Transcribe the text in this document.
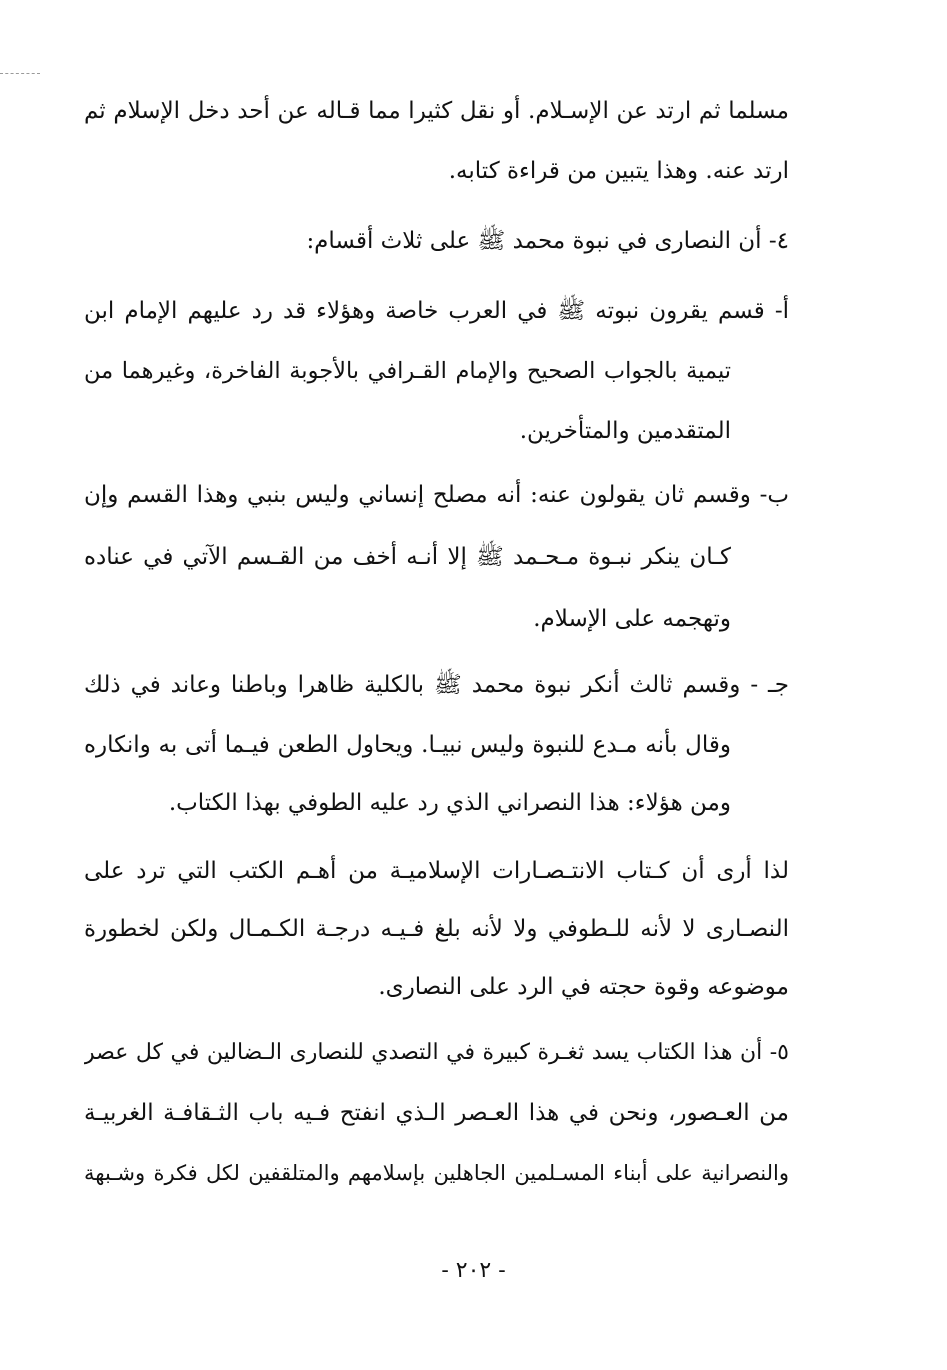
مسلما ثم ارتد عن الإسـلام. أو نقل كثيرا مما قـاله عن أحد دخل الإسلام ثم
ارتد عنه. وهذا يتبين من قراءة كتابه.
٤- أن النصارى في نبوة محمد ﷺ على ثلاث أقسام:
أ- قسم يقرون نبوته ﷺ في العرب خاصة وهؤلاء قد رد عليهم الإمام ابن
تيمية بالجواب الصحيح والإمام القـرافي بالأجوبة الفاخرة، وغيرهما من
المتقدمين والمتأخرين.
ب- وقسم ثان يقولون عنه: أنه مصلح إنساني وليس بنبي وهذا القسم وإن
كـان ينكر نبـوة مـحـمد ﷺ إلا أنـه أخف من القـسم الآتي في عناده
وتهجمه على الإسلام.
جـ - وقسم ثالث أنكر نبوة محمد ﷺ بالكلية ظاهرا وباطنا وعاند في ذلك
وقال بأنه مـدع للنبوة وليس نبيـا. ويحاول الطعن فيـما أتى به وانكاره
ومن هؤلاء: هذا النصراني الذي رد عليه الطوفي بهذا الكتاب.
لذا أرى أن كـتاب الانتـصـارات الإسلاميـة من أهـم الكتب التي ترد على
النصـارى لا لأنه للـطوفي ولا لأنه بلغ فـيـه درجـة الكـمـال ولكن لخطورة
موضوعه وقوة حجته في الرد على النصارى.
٥- أن هذا الكتاب يسد ثغـرة كبيرة في التصدي للنصارى الـضالين في كل عصر
من العـصور، ونحن في هذا العـصر الـذي انفتح فـيه باب الثـقافـة الغربيـة
والنصرانية على أبناء المسـلمين الجاهلين بإسلامهم والمتلقفين لكل فكرة وشـبهة
- ٢٠٢ -
